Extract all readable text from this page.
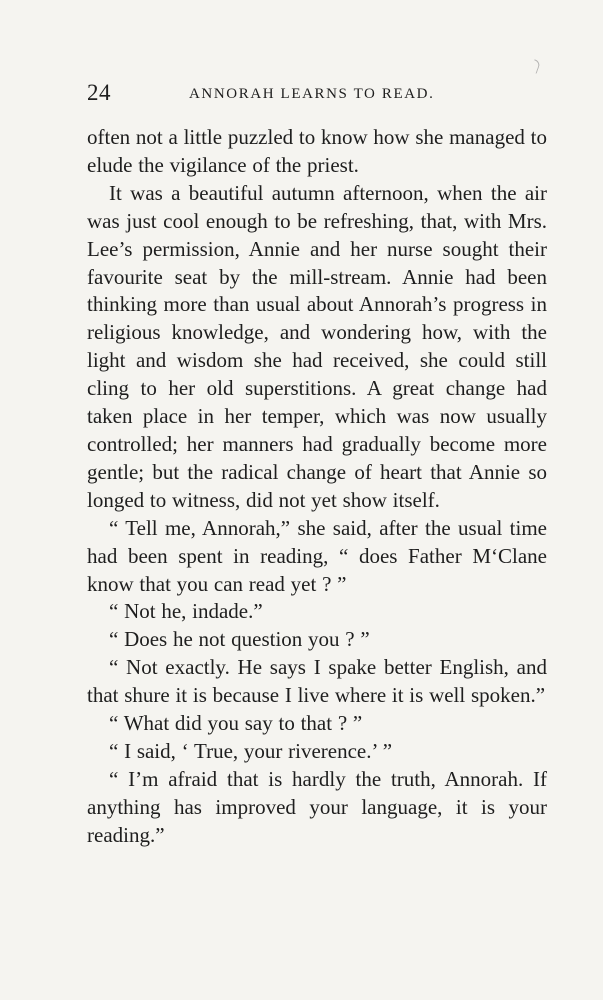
24	ANNORAH LEARNS TO READ.

often not a little puzzled to know how she managed to elude the vigilance of the priest.

It was a beautiful autumn afternoon, when the air was just cool enough to be refreshing, that, with Mrs. Lee’s permission, Annie and her nurse sought their favourite seat by the mill-stream. Annie had been thinking more than usual about Annorah’s progress in religious knowledge, and wondering how, with the light and wisdom she had received, she could still cling to her old superstitions. A great change had taken place in her temper, which was now usually controlled; her manners had gradually become more gentle; but the radical change of heart that Annie so longed to witness, did not yet show itself.

“ Tell me, Annorah,” she said, after the usual time had been spent in reading, “ does Father M‘Clane know that you can read yet ? ”

“ Not he, indade.”

“ Does he not question you ? ”

“ Not exactly. He says I spake better English, and that shure it is because I live where it is well spoken.”

“ What did you say to that ? ”

“ I said, ‘ True, your riverence.’ ”

“ I’m afraid that is hardly the truth, Annorah. If anything has improved your language, it is your reading.”
